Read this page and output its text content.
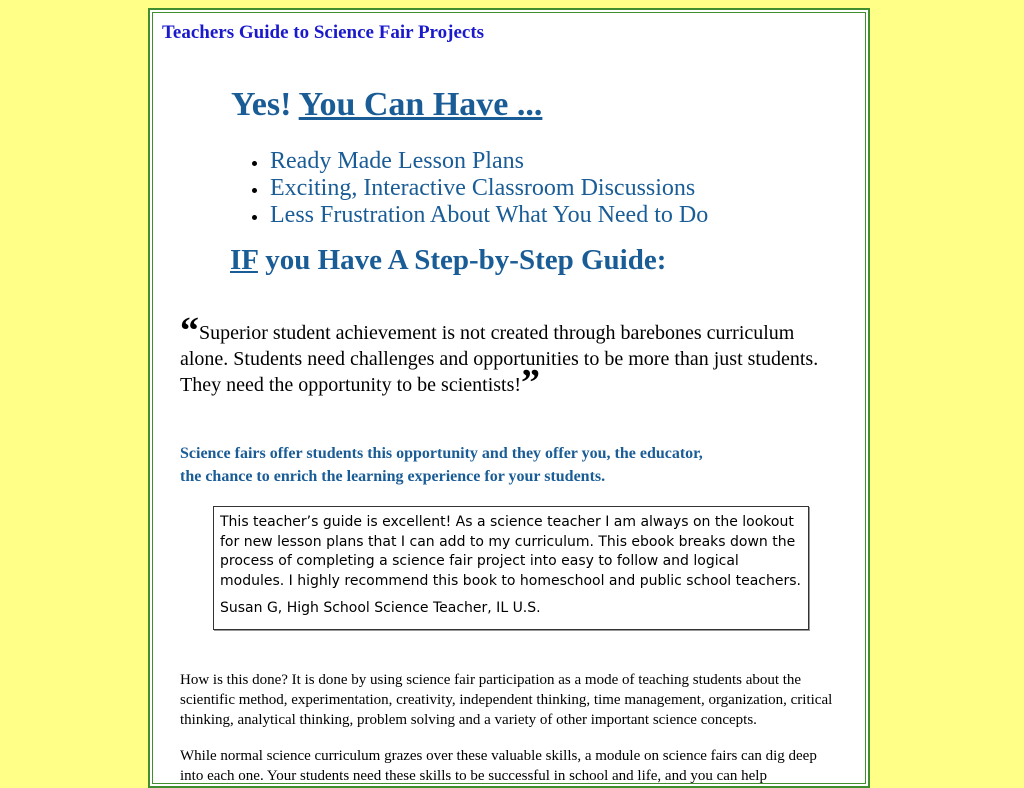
Teachers Guide to Science Fair Projects
Yes! You Can Have ...
Ready Made Lesson Plans
Exciting, Interactive Classroom Discussions
Less Frustration About What You Need to Do
IF you Have A Step-by-Step Guide:

“Superior student achievement is not created through barebones curriculum alone. Students need challenges and opportunities to be more than just students. They need the opportunity to be scientists!”

Science fairs offer students this opportunity and they offer you, the educator,
the chance to enrich the learning experience for your students.

This teacher’s guide is excellent! As a science teacher I am always on the lookout for new lesson plans that I can add to my curriculum. This ebook breaks down the process of completing a science fair project into easy to follow and logical modules. I highly recommend this book to homeschool and public school teachers.

Susan G, High School Science Teacher, IL U.S.

How is this done? It is done by using science fair participation as a mode of teaching students about the scientific method, experimentation, creativity, independent thinking, time management, organization, critical thinking, analytical thinking, problem solving and a variety of other important science concepts.

While normal science curriculum grazes over these valuable skills, a module on science fairs can dig deep into each one. Your students need these skills to be successful in school and life, and you can help
